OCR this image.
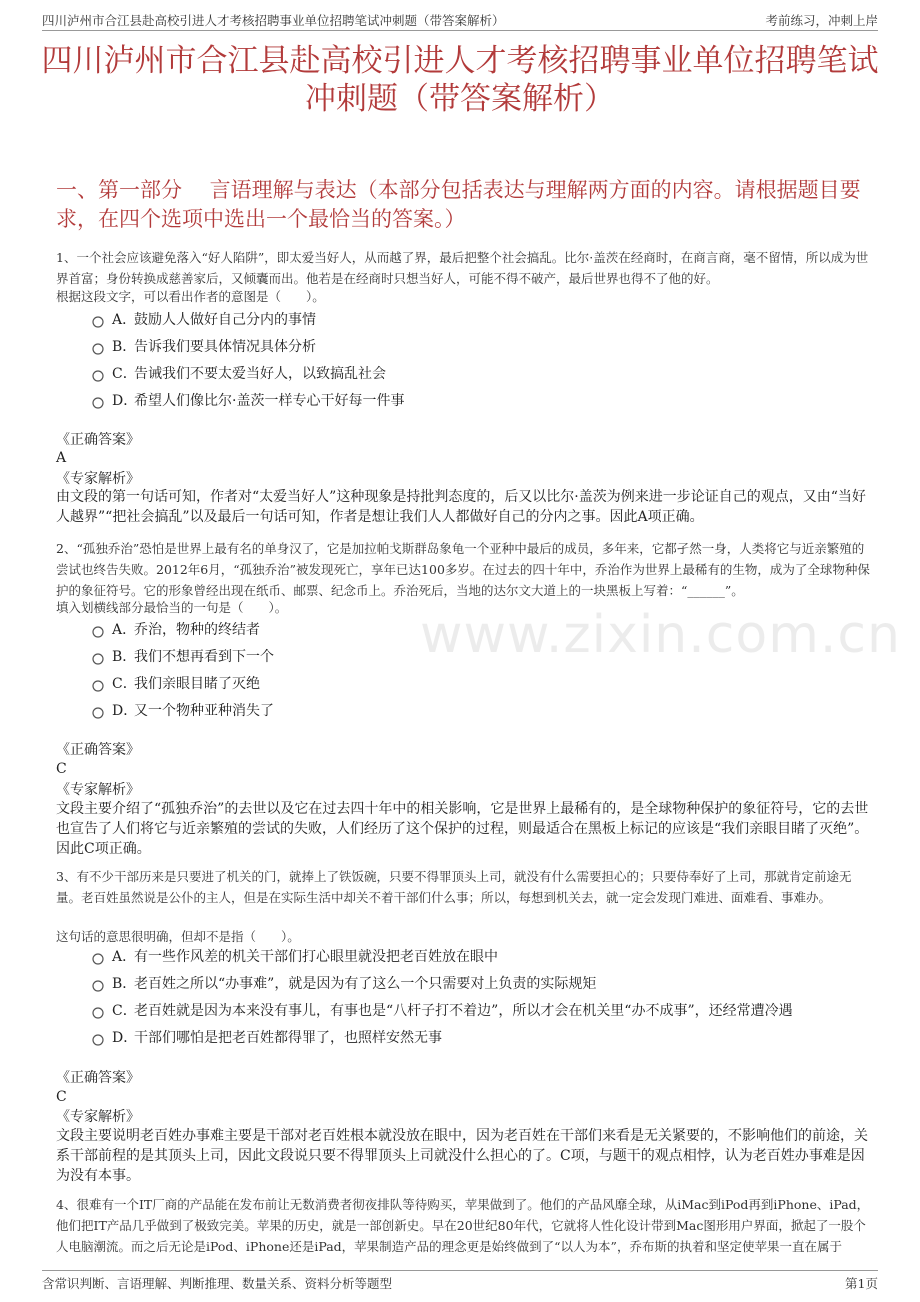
四川泸州市合江县赴高校引进人才考核招聘事业单位招聘笔试冲刺题（带答案解析）	考前练习，冲刺上岸
四川泸州市合江县赴高校引进人才考核招聘事业单位招聘笔试冲刺题（带答案解析）
一、第一部分　 言语理解与表达（本部分包括表达与理解两方面的内容。请根据题目要求，在四个选项中选出一个最恰当的答案。）

1、一个社会应该避免落入“好人陷阱”，即太爱当好人，从而越了界，最后把整个社会搞乱。比尔·盖茨在经商时，在商言商，毫不留情，所以成为世界首富；身份转换成慈善家后，又倾囊而出。他若是在经商时只想当好人，可能不得不破产，最后世界也得不了他的好。

根据这段文字，可以看出作者的意图是（　　）。

A．
鼓励人人做好自己分内的事情
B．
告诉我们要具体情况具体分析
C．
告诫我们不要太爱当好人，以致搞乱社会
D．
希望人们像比尔·盖茨一样专心干好每一件事

《正确答案》

A

《专家解析》

由文段的第一句话可知，作者对“太爱当好人”这种现象是持批判态度的，后又以比尔·盖茨为例来进一步论证自己的观点，又由“当好人越界”“把社会搞乱”以及最后一句话可知，作者是想让我们人人都做好自己的分内之事。因此A项正确。

2、“孤独乔治”恐怕是世界上最有名的单身汉了，它是加拉帕戈斯群岛象龟一个亚种中最后的成员，多年来，它都孑然一身，人类将它与近亲繁殖的尝试也终告失败。2012年6月，“孤独乔治”被发现死亡，享年已达100多岁。在过去的四十年中，乔治作为世界上最稀有的生物，成为了全球物种保护的象征符号。它的形象曾经出现在纸币、邮票、纪念币上。乔治死后，当地的达尔文大道上的一块黑板上写着：“______”。

填入划横线部分最恰当的一句是（　　）。

A．
乔治，物种的终结者
B．
我们不想再看到下一个
C．
我们亲眼目睹了灭绝
D．
又一个物种亚种消失了
www.zixin.com.cn

《正确答案》

C

《专家解析》

文段主要介绍了“孤独乔治”的去世以及它在过去四十年中的相关影响，它是世界上最稀有的，是全球物种保护的象征符号，它的去世也宣告了人们将它与近亲繁殖的尝试的失败，人们经历了这个保护的过程，则最适合在黑板上标记的应该是“我们亲眼目睹了灭绝”。因此C项正确。

3、有不少干部历来是只要进了机关的门，就捧上了铁饭碗，只要不得罪顶头上司，就没有什么需要担心的；只要侍奉好了上司，那就肯定前途无量。老百姓虽然说是公仆的主人，但是在实际生活中却关不着干部们什么事；所以，每想到机关去，就一定会发现门难进、面难看、事难办。

这句话的意思很明确，但却不是指（　　）。

A．
有一些作风差的机关干部们打心眼里就没把老百姓放在眼中
B．
老百姓之所以“办事难”，就是因为有了这么一个只需要对上负责的实际规矩
C．
老百姓就是因为本来没有事儿，有事也是“八杆子打不着边”，所以才会在机关里“办不成事”，还经常遭冷遇
D．
干部们哪怕是把老百姓都得罪了，也照样安然无事

《正确答案》

C

《专家解析》

文段主要说明老百姓办事难主要是干部对老百姓根本就没放在眼中，因为老百姓在干部们来看是无关紧要的，不影响他们的前途，关系干部前程的是其顶头上司，因此文段说只要不得罪顶头上司就没什么担心的了。C项，与题干的观点相悖，认为老百姓办事难是因为没有本事。

4、很难有一个IT厂商的产品能在发布前让无数消费者彻夜排队等待购买，苹果做到了。他们的产品风靡全球，从iMac到iPod再到iPhone、iPad，他们把IT产品几乎做到了极致完美。苹果的历史，就是一部创新史。早在20世纪80年代，它就将人性化设计带到Mac图形用户界面，掀起了一股个人电脑潮流。而之后无论是iPod、iPhone还是iPad，苹果制造产品的理念更是始终做到了“以人为本”，乔布斯的执着和坚定使苹果一直在属于

含常识判断、言语理解、判断推理、数量关系、资料分析等题型	第1页
